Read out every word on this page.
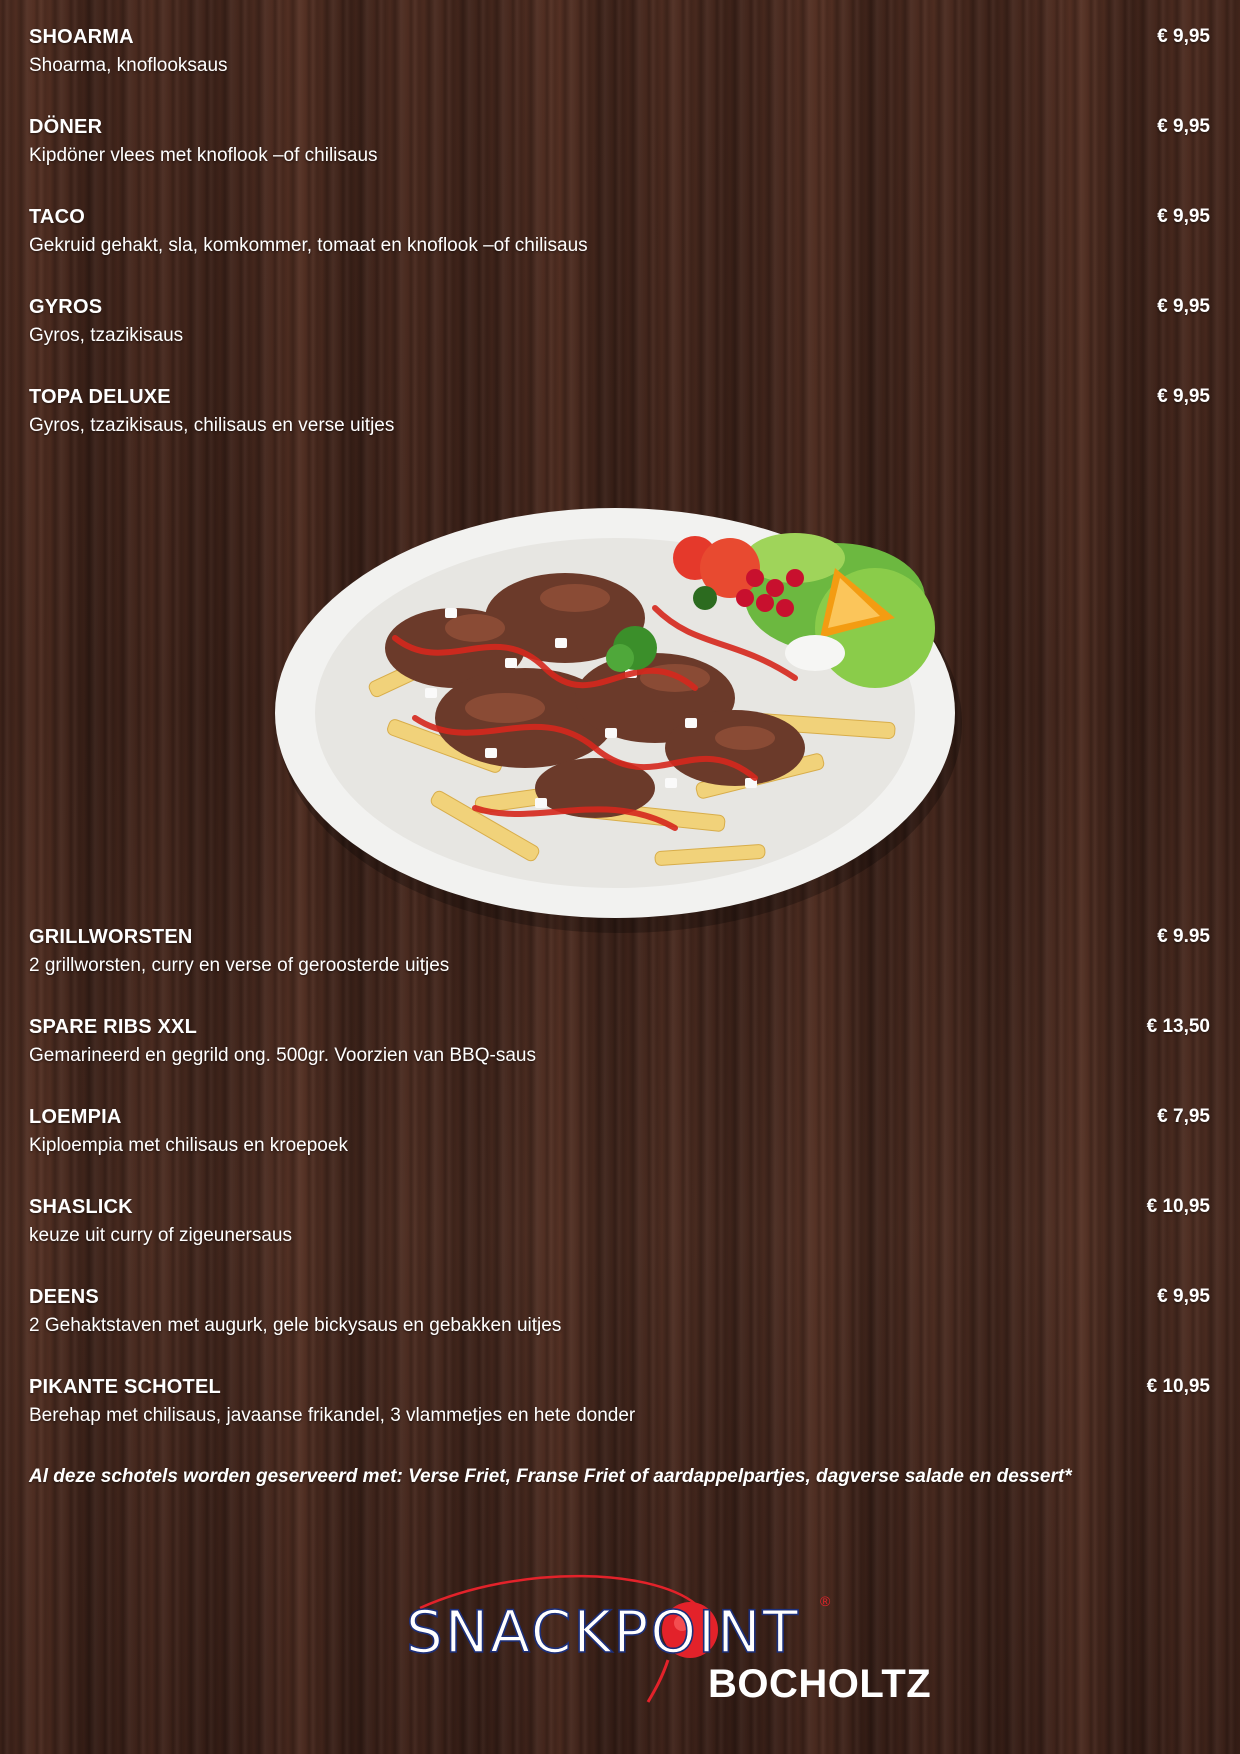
SHOARMA
Shoarma, knoflooksaus
€ 9,95
DÖNER
Kipdöner vlees met knoflook –of chilisaus
€ 9,95
TACO
Gekruid gehakt, sla, komkommer, tomaat en knoflook –of chilisaus
€ 9,95
GYROS
Gyros, tzazikisaus
€ 9,95
TOPA DELUXE
Gyros, tzazikisaus, chilisaus en verse uitjes
€ 9,95
GRILLWORSTEN
2 grillworsten, curry en verse of geroosterde uitjes
€ 9.95
SPARE RIBS XXL
Gemarineerd en gegrild ong. 500gr. Voorzien van BBQ-saus
€ 13,50
LOEMPIA
Kiploempia met chilisaus en kroepoek
€ 7,95
SHASLICK
keuze uit curry of zigeunersaus
€ 10,95
DEENS
2 Gehaktstaven met augurk, gele bickysaus en gebakken uitjes
€ 9,95
PIKANTE SCHOTEL
Berehap met chilisaus, javaanse frikandel, 3 vlammetjes en hete donder
€ 10,95
Al deze schotels worden geserveerd met: Verse Friet, Franse Friet of aardappelpartjes, dagverse salade en dessert*
SNACKPOINT ®
BOCHOLTZ
